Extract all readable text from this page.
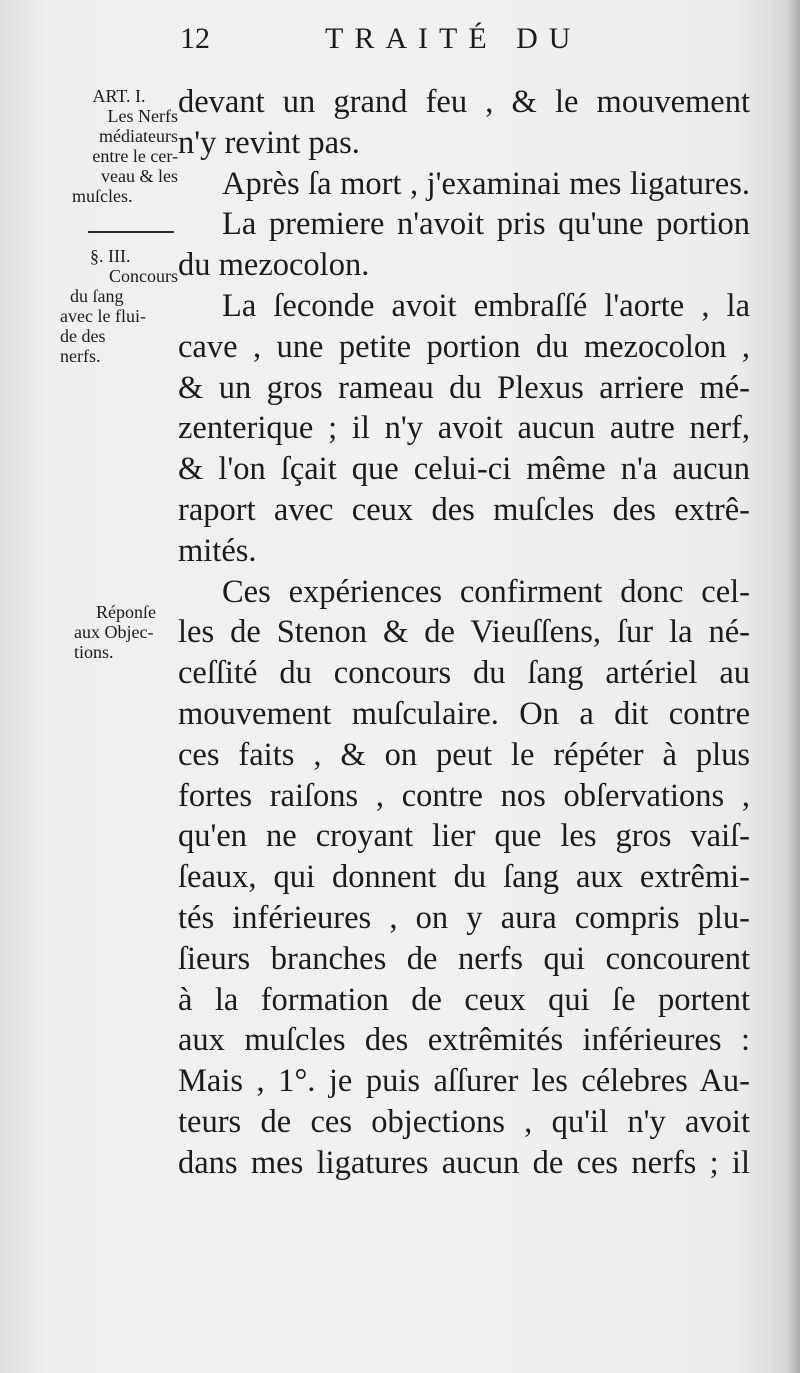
12	TRAITÉ DU
ART. I.
Les Nerfs
médiateurs
entre le cer-
veau & les
muſcles.
§. III.
Concours
du ſang
avec le flui-
de des
nerfs.
Réponſe
aux Objec-
tions.
devant un grand feu , & le mouvement
n'y revint pas.
Après ſa mort , j'examinai mes ligatures.
La premiere n'avoit pris qu'une portion
du mezocolon.
La ſeconde avoit embraſſé l'aorte , la
cave , une petite portion du mezocolon ,
& un gros rameau du Plexus arriere mé-
zenterique ; il n'y avoit aucun autre nerf,
& l'on ſçait que celui-ci même n'a aucun
raport avec ceux des muſcles des extrê-
mités.
Ces expériences confirment donc cel-
les de Stenon & de Vieuſſens, ſur la né-
ceſſité du concours du ſang artériel au
mouvement muſculaire. On a dit contre
ces faits , & on peut le répéter à plus
fortes raiſons , contre nos obſervations ,
qu'en ne croyant lier que les gros vaiſ-
ſeaux, qui donnent du ſang aux extrêmi-
tés inférieures , on y aura compris plu-
ſieurs branches de nerfs qui concourent
à la formation de ceux qui ſe portent
aux muſcles des extrêmités inférieures :
Mais , 1°. je puis aſſurer les célebres Au-
teurs de ces objections , qu'il n'y avoit
dans mes ligatures aucun de ces nerfs ; il
